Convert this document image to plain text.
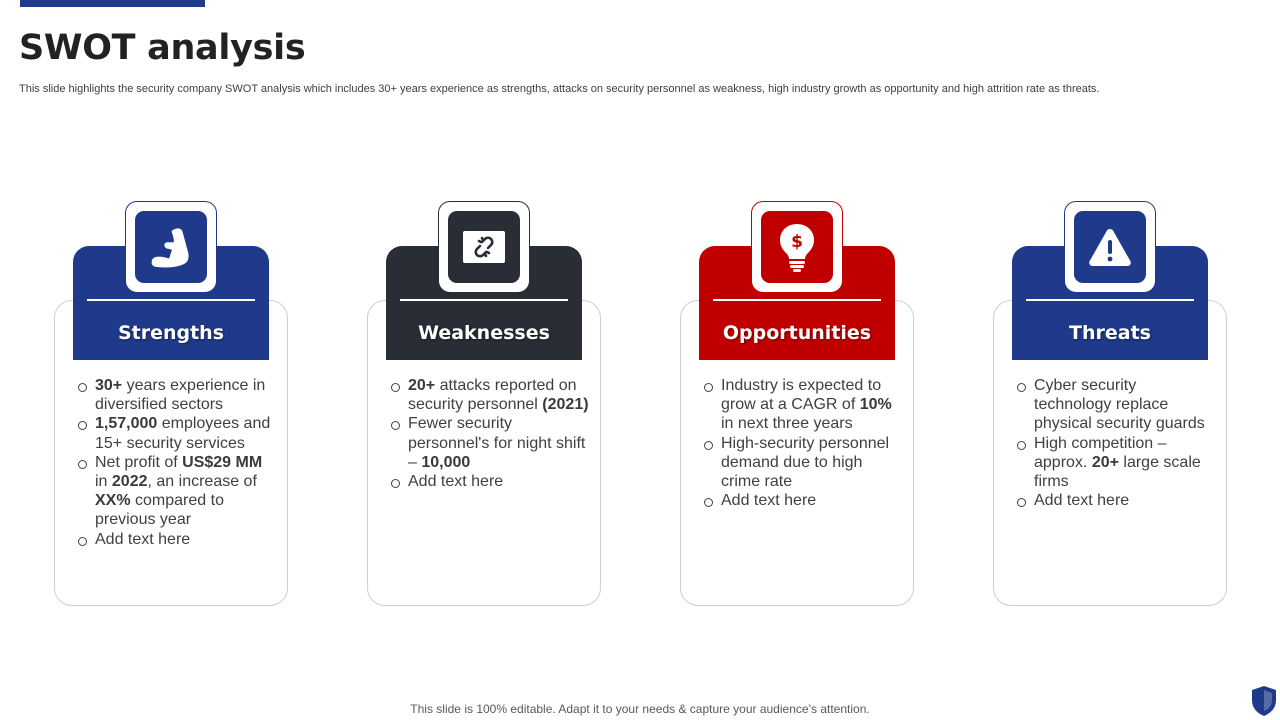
SWOT analysis

This slide highlights the security company SWOT analysis which includes 30+ years experience as strengths, attacks on security personnel as weakness, high industry growth as opportunity and high attrition rate as threats.

Strengths
30+ years experience in diversified sectors
1,57,000 employees and 15+ security services
Net profit of US$29 MM in 2022, an increase of XX% compared to previous year
Add text here
Weaknesses
20+ attacks reported on security personnel (2021)
Fewer security personnel's for night shift – 10,000
Add text here
Opportunities
$
Industry is expected to grow at a CAGR of 10% in next three years
High-security personnel demand due to high crime rate
Add text here
Threats
Cyber security technology replace physical security guards
High competition – approx. 20+ large scale firms
Add text here
This slide is 100% editable. Adapt it to your needs & capture your audience’s attention.
